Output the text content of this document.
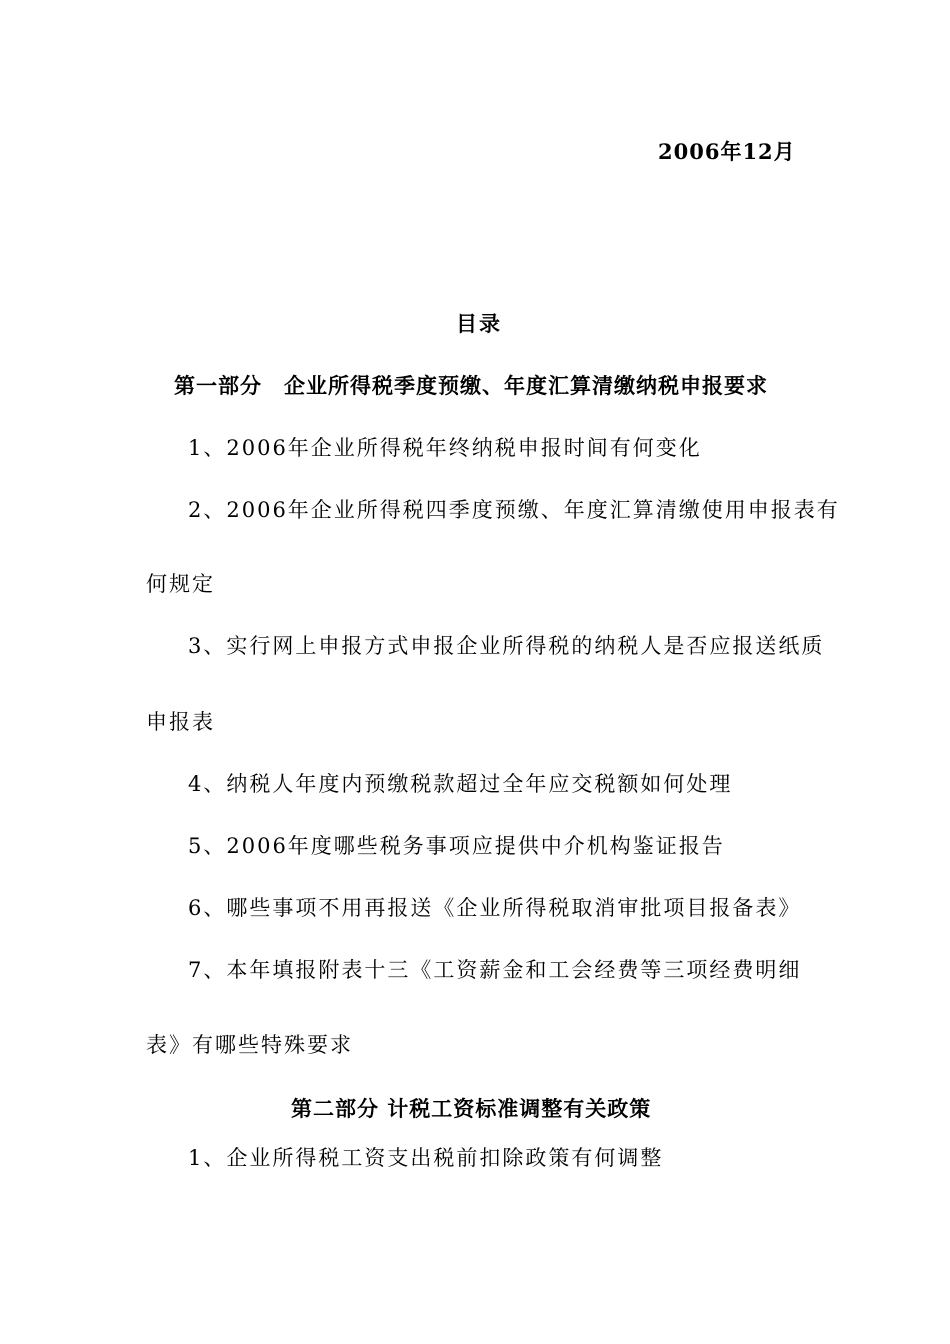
2006年12月
目录
第一部分　企业所得税季度预缴、年度汇算清缴纳税申报要求
1、2006年企业所得税年终纳税申报时间有何变化
2、2006年企业所得税四季度预缴、年度汇算清缴使用申报表有
何规定
3、实行网上申报方式申报企业所得税的纳税人是否应报送纸质
申报表
4、纳税人年度内预缴税款超过全年应交税额如何处理
5、2006年度哪些税务事项应提供中介机构鉴证报告
6、哪些事项不用再报送《企业所得税取消审批项目报备表》
7、本年填报附表十三《工资薪金和工会经费等三项经费明细
表》有哪些特殊要求
第二部分 计税工资标准调整有关政策
1、企业所得税工资支出税前扣除政策有何调整
